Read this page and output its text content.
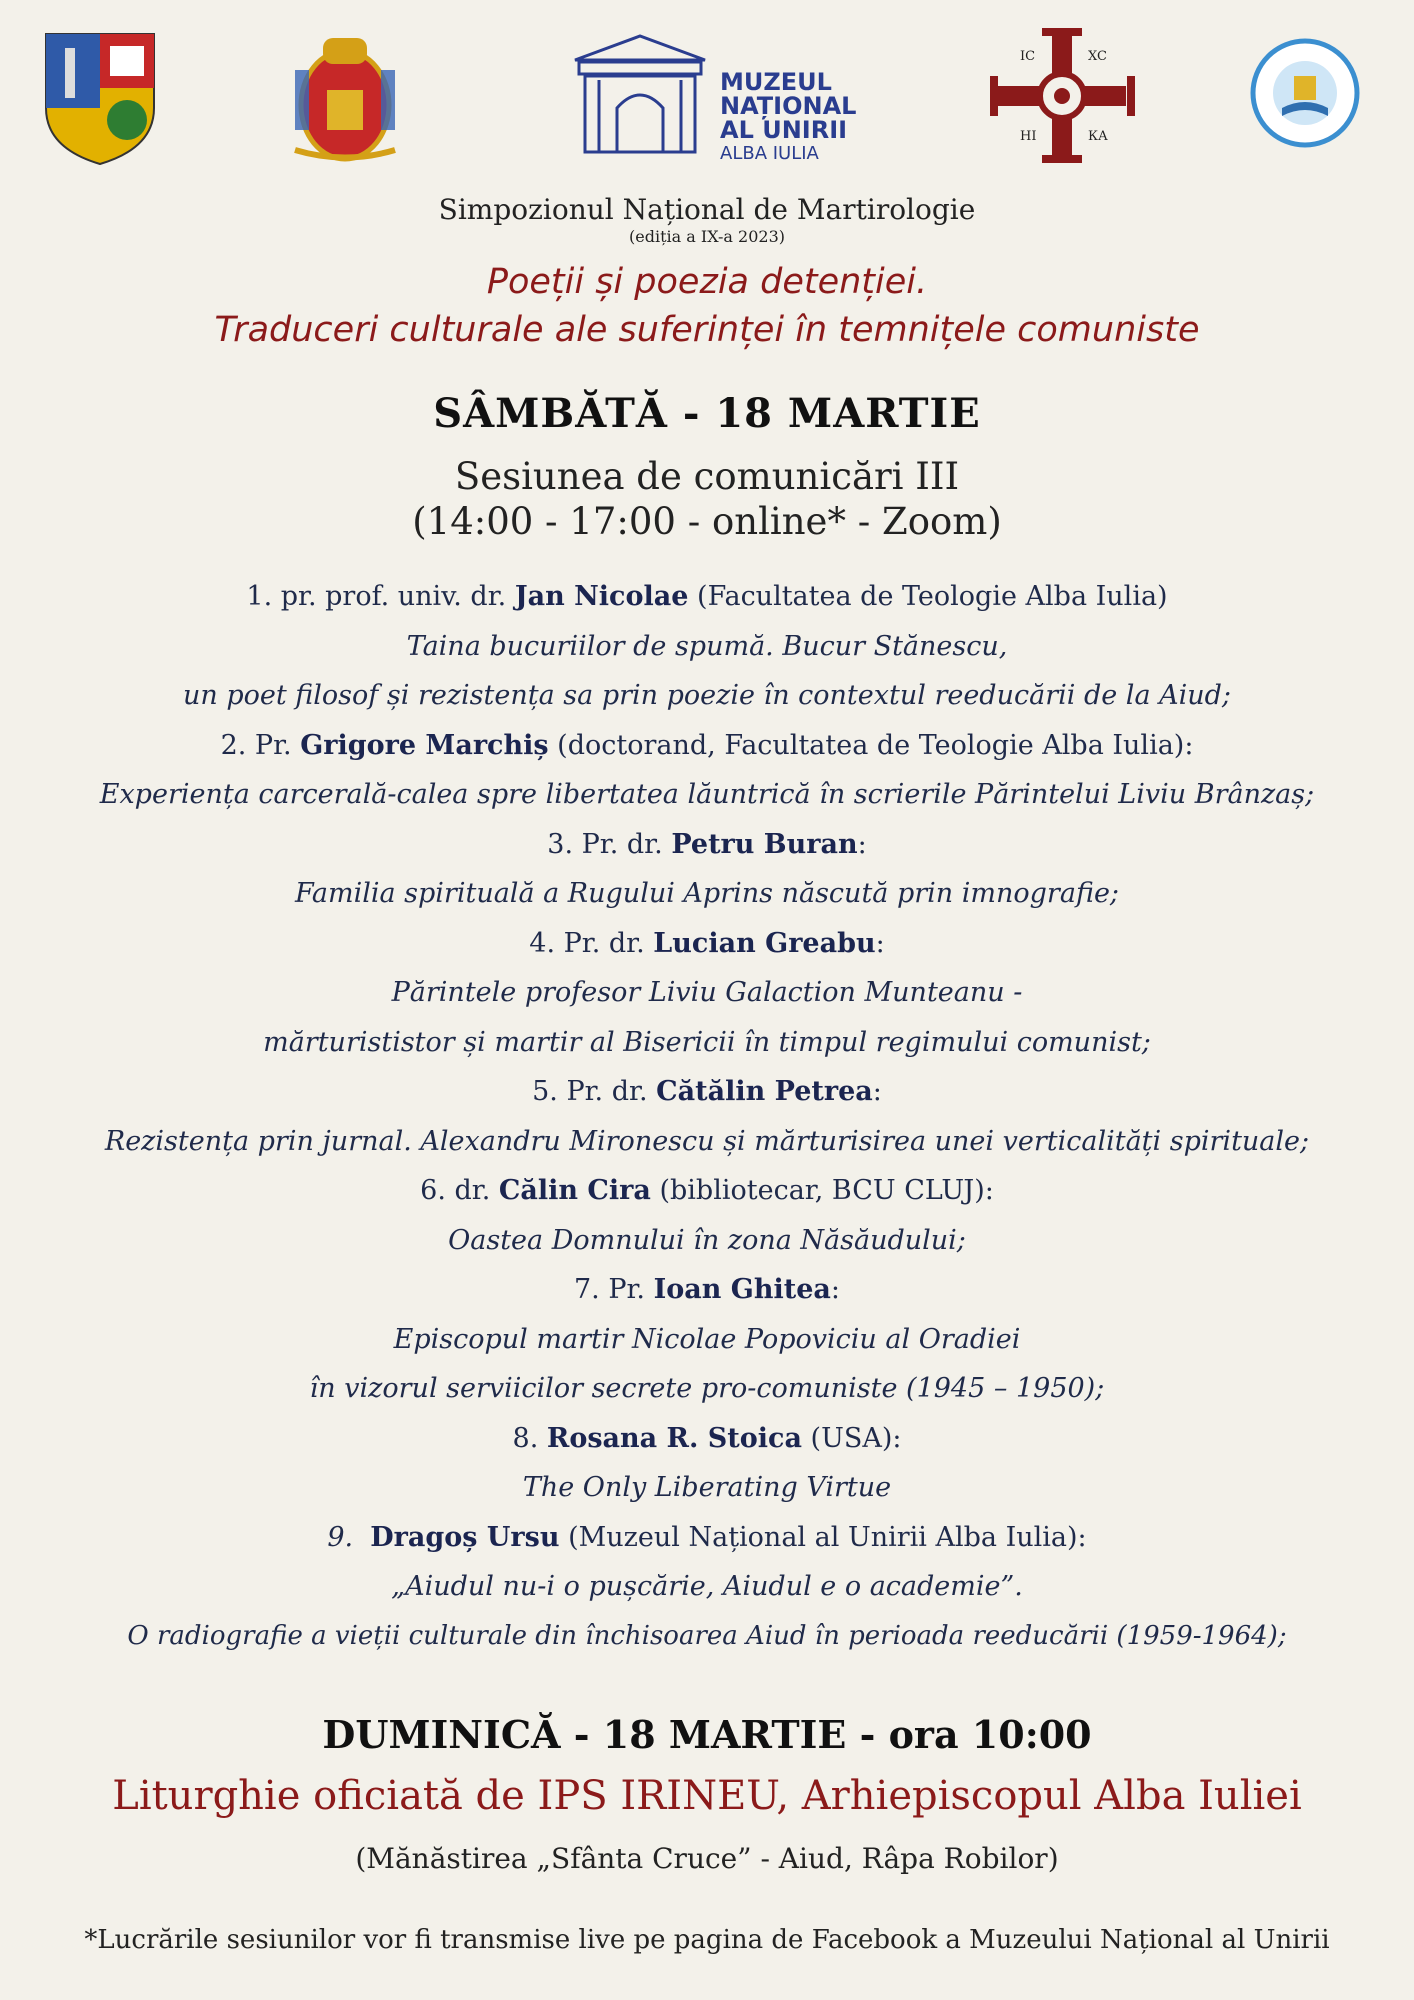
MUZEUL
NAȚIONAL
AL UNIRII
ALBA IULIA
IC	XC
НІ	КА
Simpozionul Național de Martirologie
(ediția a IX-a 2023)
Poeții și poezia detenției.
Traduceri culturale ale suferinței în temnițele comuniste
SÂMBĂTĂ - 18 MARTIE
Sesiunea de comunicări III
(14:00 - 17:00 - online* - Zoom)
1. pr. prof. univ. dr. Jan Nicolae (Facultatea de Teologie Alba Iulia)
Taina bucuriilor de spumă. Bucur Stănescu,
un poet filosof și rezistența sa prin poezie în contextul reeducării de la Aiud;
2. Pr. Grigore Marchiș (doctorand, Facultatea de Teologie Alba Iulia):
Experiența carcerală-calea spre libertatea lăuntrică în scrierile Părintelui Liviu Brânzaș;
3. Pr. dr. Petru Buran:
Familia spirituală a Rugului Aprins născută prin imnografie;
4. Pr. dr. Lucian Greabu:
Părintele profesor Liviu Galaction Munteanu -
mărturististor și martir al Bisericii în timpul regimului comunist;
5. Pr. dr. Cătălin Petrea:
Rezistența prin jurnal. Alexandru Mironescu și mărturisirea unei verticalități spirituale;
6. dr. Călin Cira (bibliotecar, BCU CLUJ):
Oastea Domnului în zona Năsăudului;
7. Pr. Ioan Ghitea:
Episcopul martir Nicolae Popoviciu al Oradiei
în vizorul serviicilor secrete pro-comuniste (1945 – 1950);
8. Rosana R. Stoica (USA):
The Only Liberating Virtue
9. Dragoș Ursu (Muzeul Național al Unirii Alba Iulia):
„Aiudul nu-i o pușcărie, Aiudul e o academie”.
O radiografie a vieții culturale din închisoarea Aiud în perioada reeducării (1959-1964);
DUMINICĂ - 18 MARTIE - ora 10:00
Liturghie oficiată de IPS IRINEU, Arhiepiscopul Alba Iuliei
(Mănăstirea „Sfânta Cruce” - Aiud, Râpa Robilor)
*Lucrările sesiunilor vor fi transmise live pe pagina de Facebook a Muzeului Național al Unirii
